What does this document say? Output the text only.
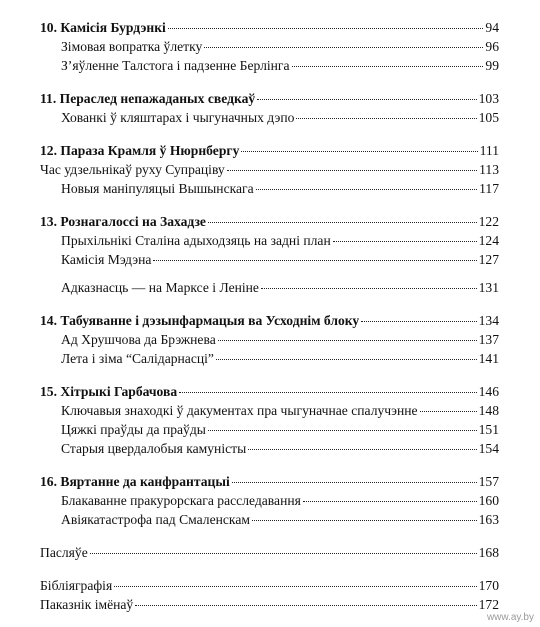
10. Камісія Бурдэнкі	94
Зімовая вопратка ўлетку	96
З’яўленне Талстога і падзенне Берлінга	99
11. Пераслед непажаданых сведкаў	103
Хованкі ў кляштарах і чыгуначных дэпо	105
12. Параза Крамля ў Нюрнбергу	111
Час удзельнікаў руху Супраціву	113
Новыя маніпуляцыі Вышынскага	117
13. Рознагалоссі на Захадзе	122
Прыхільнікі Сталіна адыходзяць на задні план	124
Камісія Мэдэна	127
Адказнасць — на Марксе і Леніне	131
14. Табуяванне і дэзынфармацыя ва Усходнім блоку	134
Ад Хрушчова да Брэжнева	137
Лета і зіма “Салідарнасці”	141
15. Хітрыкі Гарбачова	146
Ключавыя знаходкі ў дакументах пра чыгуначнае спалучэнне	148
Цяжкі праўды да праўды	151
Старыя цвердалобыя камуністы	154
16. Вяртанне да канфрантацыі	157
Блакаванне пракурорскага расследавання	160
Авіякатастрофа пад Смаленскам	163
Пасляўе	168
Бібліяграфія	170
Паказнік імёнаў	172
www.ay.by
